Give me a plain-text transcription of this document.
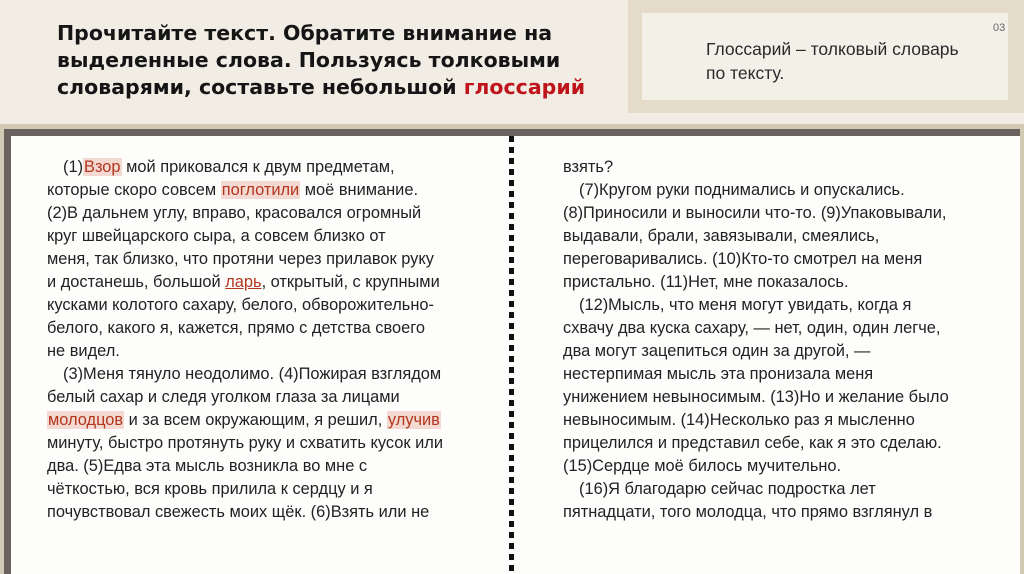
Прочитайте текст. Обратите внимание на выделенные слова. Пользуясь толковыми словарями, составьте небольшой глоссарий
Глоссарий – толковый словарь по тексту.
03
(1)Взор мой приковался к двум предметам,
которые скоро совсем поглотили моё внимание.
(2)В дальнем углу, вправо, красовался огромный
круг швейцарского сыра, а совсем близко от
меня, так близко, что протяни через прилавок руку
и достанешь, большой ларь, открытый, с крупными
кусками колотого сахару, белого, обворожительно-
белого, какого я, кажется, прямо с детства своего
не видел.
(3)Меня тянуло неодолимо. (4)Пожирая взглядом
белый сахар и следя уголком глаза за лицами
молодцов и за всем окружающим, я решил, улучив
минуту, быстро протянуть руку и схватить кусок или
два. (5)Едва эта мысль возникла во мне с
чёткостью, вся кровь прилила к сердцу и я
почувствовал свежесть моих щёк. (6)Взять или не
взять?
(7)Кругом руки поднимались и опускались.
(8)Приносили и выносили что-то. (9)Упаковывали,
выдавали, брали, завязывали, смеялись,
переговаривались. (10)Кто-то смотрел на меня
пристально. (11)Нет, мне показалось.
(12)Мысль, что меня могут увидать, когда я
схвачу два куска сахару, — нет, один, один легче,
два могут зацепиться один за другой, —
нестерпимая мысль эта пронизала меня
унижением невыносимым. (13)Но и желание было
невыносимым. (14)Несколько раз я мысленно
прицелился и представил себе, как я это сделаю.
(15)Сердце моё билось мучительно.
(16)Я благодарю сейчас подростка лет
пятнадцати, того молодца, что прямо взглянул в
